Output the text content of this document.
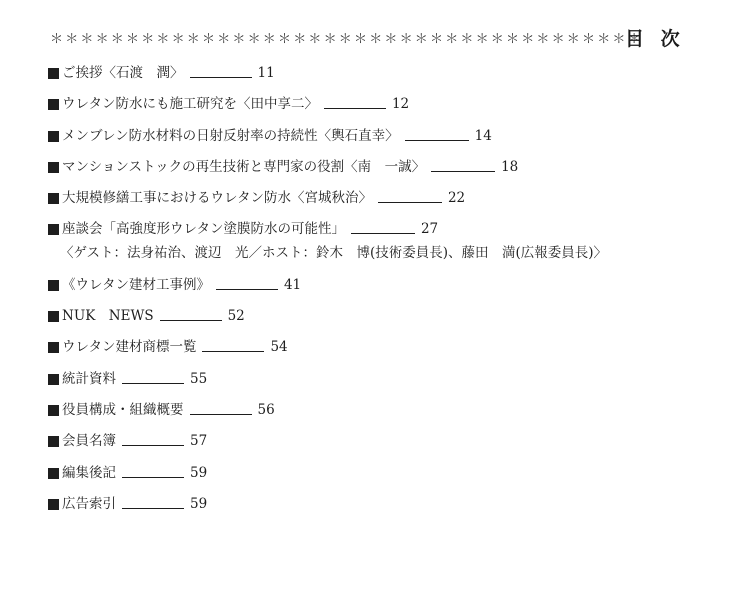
＊＊＊＊＊＊＊＊＊＊＊＊＊＊＊＊＊＊＊＊＊＊＊＊＊＊＊＊＊＊＊＊＊＊＊＊＊＊＊
目 次
ご挨拶〈石渡　潤〉	11
ウレタン防水にも施工研究を〈田中享二〉	12
メンブレン防水材料の日射反射率の持続性〈輿石直幸〉	14
マンションストックの再生技術と専門家の役割〈南　一誠〉	18
大規模修繕工事におけるウレタン防水〈宮城秋治〉	22
座談会「高強度形ウレタン塗膜防水の可能性」	27
〈ゲスト：法身祐治、渡辺　光／ホスト：鈴木　博(技術委員長)、藤田　満(広報委員長)〉
《ウレタン建材工事例》	41
NUK　NEWS	52
ウレタン建材商標一覧	54
統計資料	55
役員構成・組織概要	56
会員名簿	57
編集後記	59
広告索引	59
